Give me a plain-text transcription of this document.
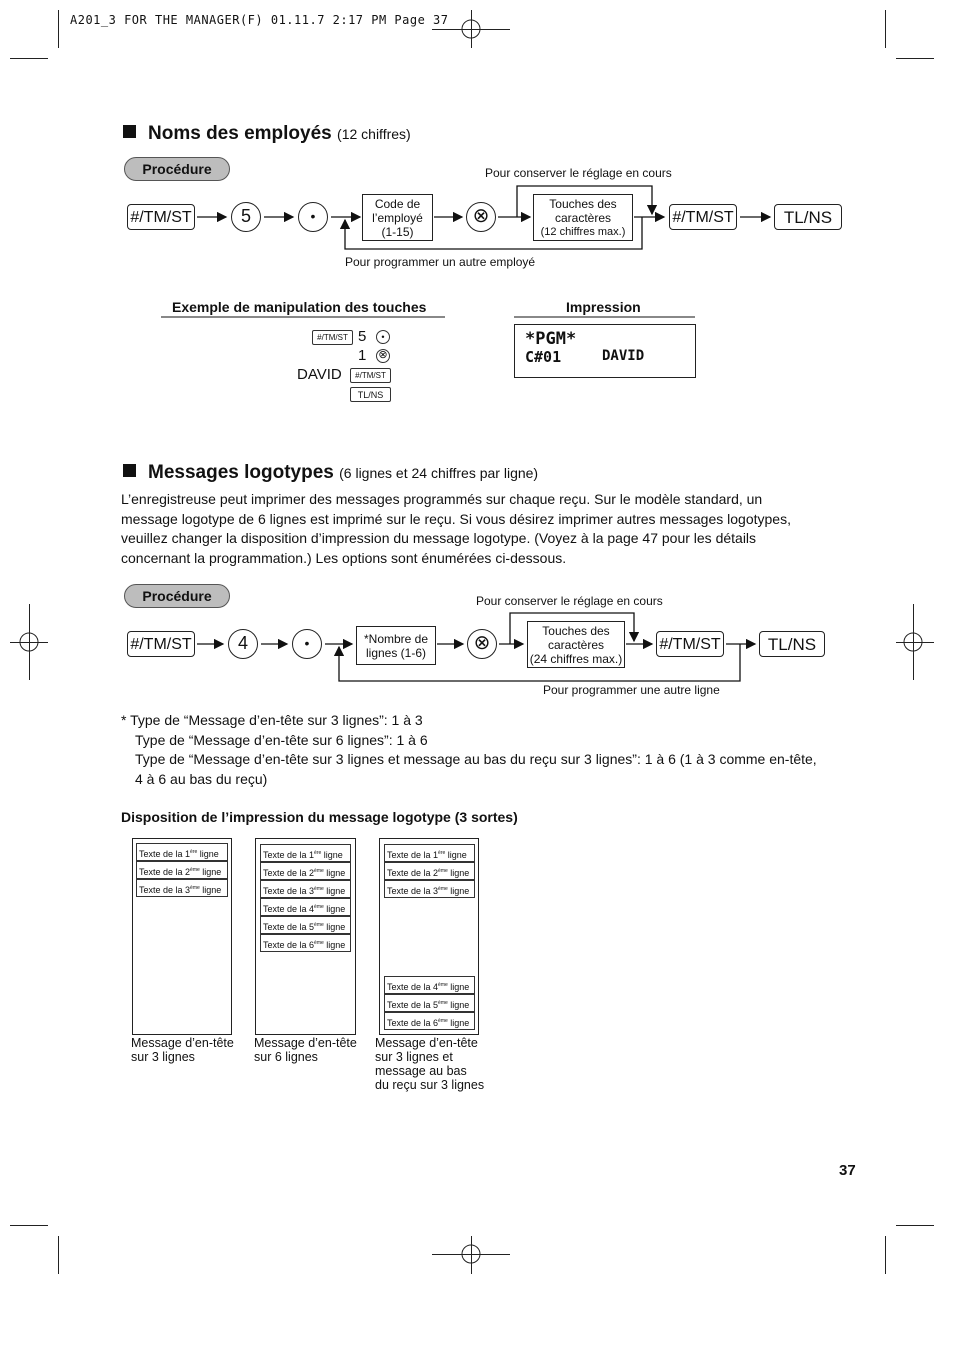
A201_3 FOR THE MANAGER(F) 01.11.7 2:17 PM Page 37
Noms des employés (12 chiffres)
Procédure
#/TM/ST	5	•
Code de
l’employé
(1-15)
⊗
Touches des
caractères
(12 chiffres max.)
#/TM/ST	TL/NS
Pour conserver le réglage en cours
Pour programmer un autre employé
Exemple de manipulation des touches	Impression
#/TM/ST 5	•
1 ⊗
DAVID	#/TM/ST
TL/NS
*PGM*
C#01	DAVID
Messages logotypes (6 lignes et 24 chiffres par ligne)
L’enregistreuse peut imprimer des messages programmés sur chaque reçu. Sur le modèle standard, un
message logotype de 6 lignes est imprimé sur le reçu. Si vous désirez imprimer autres messages logotypes,
veuillez changer la disposition d’impression du message logotype. (Voyez à la page 47 pour les détails
concernant la programmation.) Les options sont énumérées ci-dessous.
Procédure
#/TM/ST	4	•	*Nombre de
lignes (1-6)	⊗
Touches des
caractères
(24 chiffres max.)
#/TM/ST	TL/NS
Pour conserver le réglage en cours
Pour programmer une autre ligne
* Type de “Message d’en-tête sur 3 lignes”: 1 à 3
Type de “Message d’en-tête sur 6 lignes”: 1 à 6
Type de “Message d’en-tête sur 3 lignes et message au bas du reçu sur 3 lignes”: 1 à 6 (1 à 3 comme en-tête,
4 à 6 au bas du reçu)
Disposition de l’impression du message logotype (3 sortes)
Texte de la 1ère ligne
Texte de la 2ème ligne
Texte de la 3ème ligne
Texte de la 1ère ligne
Texte de la 2ème ligne
Texte de la 3ème ligne
Texte de la 4ème ligne
Texte de la 5ème ligne
Texte de la 6ème ligne
Texte de la 1ère ligne
Texte de la 2ème ligne
Texte de la 3ème ligne
Texte de la 4ème ligne
Texte de la 5ème ligne
Texte de la 6ème ligne
Message d’en-tête
sur 3 lignes
Message d’en-tête
sur 6 lignes
Message d’en-tête
sur 3 lignes et
message au bas
du reçu sur 3 lignes
37
